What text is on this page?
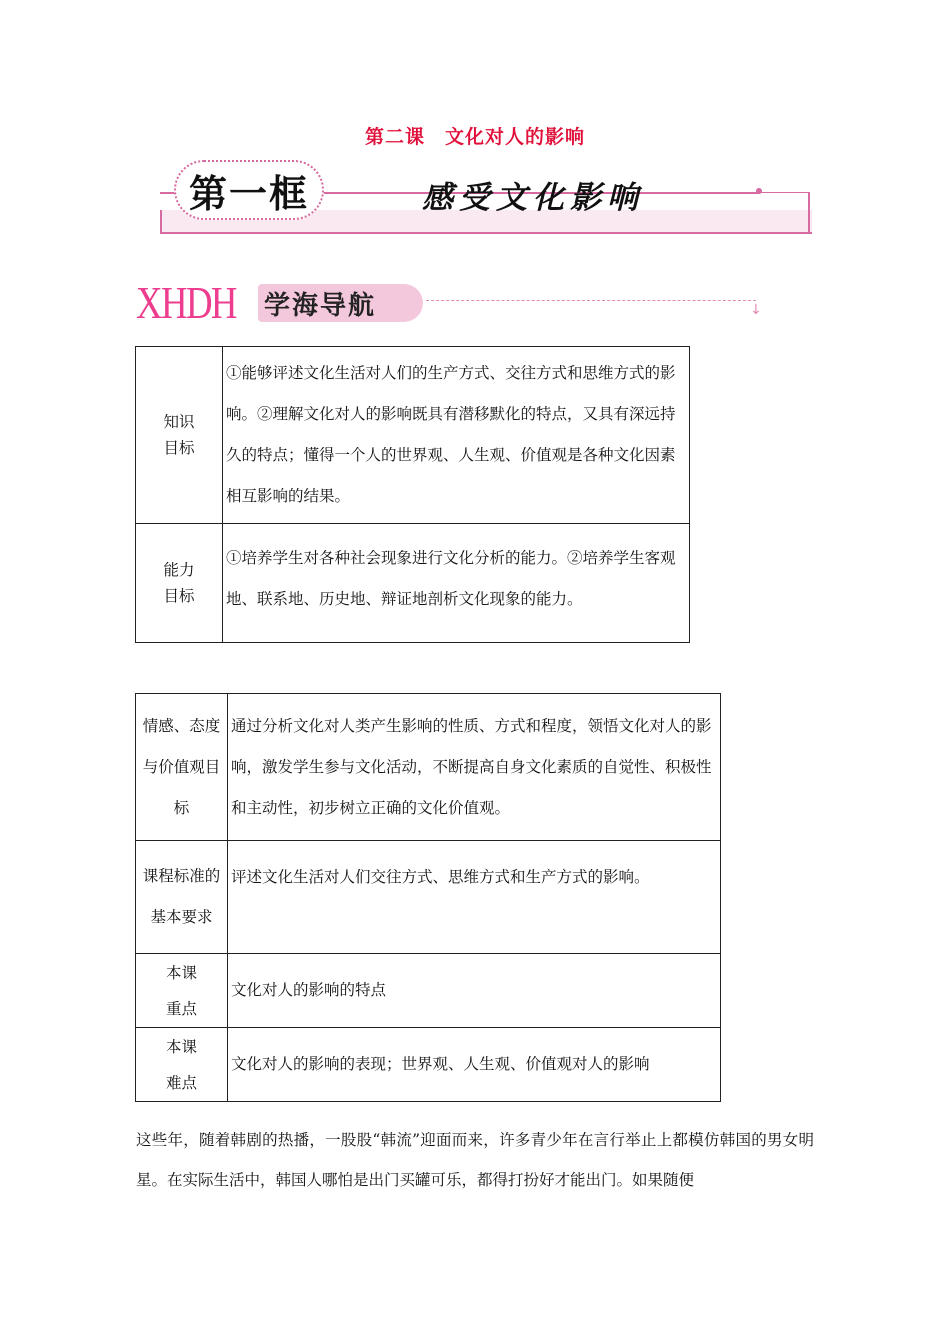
第二课　文化对人的影响
第一框	感受文化影响
XHDH 学海导航	↓
知识
目标	①能够评述文化生活对人们的生产方式、交往方式和思维方式的影响。②理解文化对人的影响既具有潜移默化的特点，又具有深远持久的特点；懂得一个人的世界观、人生观、价值观是各种文化因素相互影响的结果。

能力
目标	①培养学生对各种社会现象进行文化分析的能力。②培养学生客观地、联系地、历史地、辩证地剖析文化现象的能力。
情感、态度与价值观目标	通过分析文化对人类产生影响的性质、方式和程度，领悟文化对人的影响，激发学生参与文化活动，不断提高自身文化素质的自觉性、积极性和主动性，初步树立正确的文化价值观。
课程标准的基本要求	评述文化生活对人们交往方式、思维方式和生产方式的影响。

本课
重点	文化对人的影响的特点

本课
难点	文化对人的影响的表现；世界观、人生观、价值观对人的影响
这些年，随着韩剧的热播，一股股“韩流”迎面而来，许多青少年在言行举止上都模仿韩国的男女明星。在实际生活中，韩国人哪怕是出门买罐可乐，都得打扮好才能出门。如果随便
